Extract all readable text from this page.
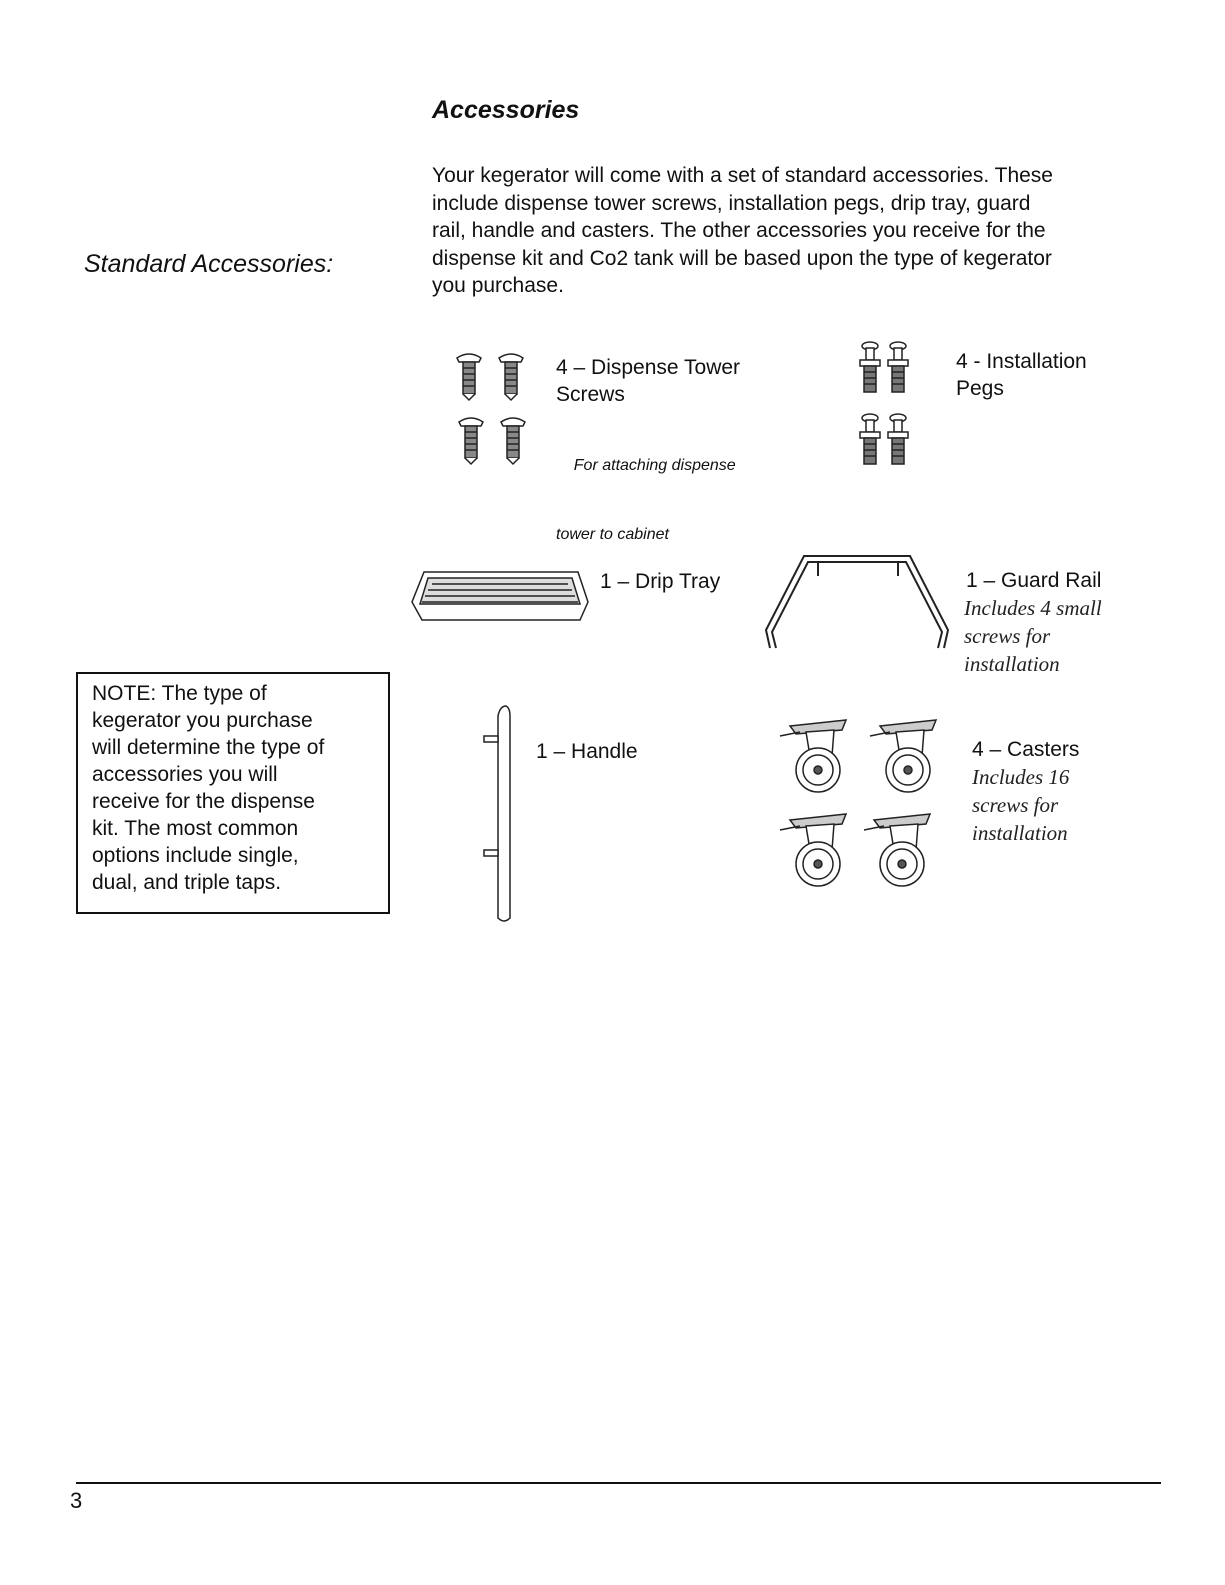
Accessories
Your kegerator will come with a set of standard accessories. These
include dispense tower screws, installation pegs, drip tray, guard
rail, handle and casters. The other accessories you receive for the
dispense kit and Co2 tank will be based upon the type of kegerator
you purchase.
Standard Accessories:
4 – Dispense Tower
Screws

For attaching dispense

tower to cabinet

4 - Installation
Pegs
1 – Drip Tray	1 – Guard Rail
Includes 4 small
screws for
installation
1 – Handle	4 – Casters
Includes 16
screws for
installation
NOTE: The type of
kegerator you purchase
will determine the type of
accessories you will
receive for the dispense
kit. The most common
options include single,
dual, and triple taps.
3
